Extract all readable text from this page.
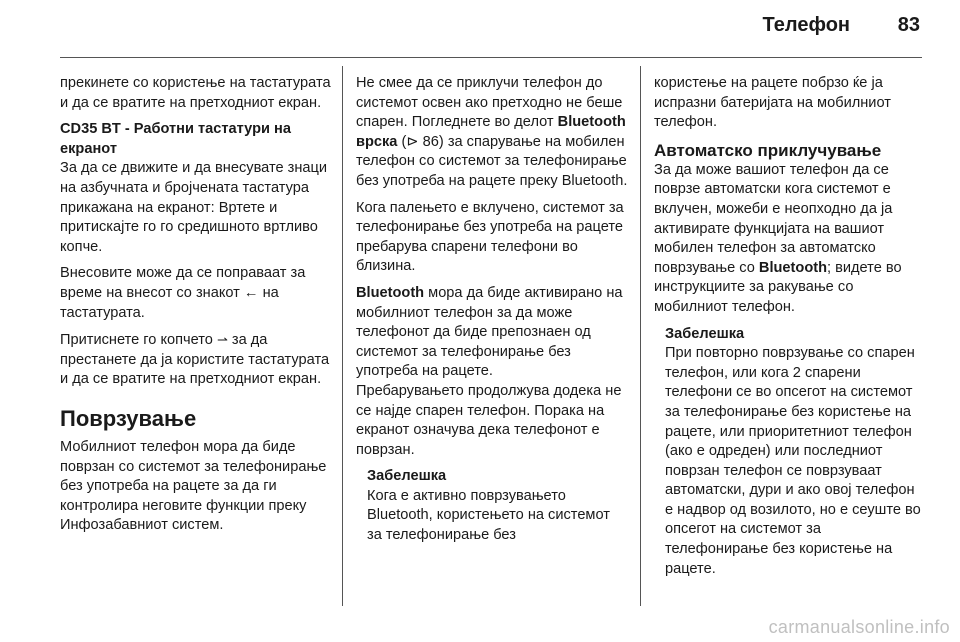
Телефон 83

прекинете со користење на тастатурата и да се вратите на претходниот екран.

CD35 BT - Работни тастатури на екранот

За да се движите и да внесувате знаци на азбучната и бројчената тастатура прикажана на екранот: Вртете и притискајте го го средишното вртливо копче.

Внесовите може да се поправаат за време на внесот со знакот ← на тастатурата.

Притиснете го копчето ⇀ за да престанете да ја користите тастатурата и да се вратите на претходниот екран.

Поврзување

Мобилниот телефон мора да биде поврзан со системот за телефонирање без употреба на рацете за да ги контролира неговите функции преку Инфозабавниот систем.

Не смее да се приклучи телефон до системот освен ако претходно не беше спарен. Погледнете во делот Bluetooth врска (⊳ 86) за спарување на мобилен телефон со системот за телефонирање без употреба на рацете преку Bluetooth.

Кога палењето е вклучено, системот за телефонирање без употреба на рацете пребарува спарени телефони во близина.

Bluetooth мора да биде активирано на мобилниот телефон за да може телефонот да биде препознаен од системот за телефонирање без употреба на рацете.

Пребарувањето продолжува додека не се најде спарен телефон. Порака на екранот означува дека телефонот е поврзан.

Забелешка

Кога е активно поврзувањето Bluetooth, користењето на системот за телефонирање без

користење на рацете побрзо ќе ја испразни батеријата на мобилниот телефон.

Автоматско приклучување

За да може вашиот телефон да се поврзе автоматски кога системот е вклучен, можеби е неопходно да ја активирате функцијата на вашиот мобилен телефон за автоматско поврзување со Bluetooth; видете во инструкциите за ракување со мобилниот телефон.

Забелешка

При повторно поврзување со спарен телефон, или кога 2 спарени телефони се во опсегот на системот за телефонирање без користење на рацете, или приоритетниот телефон (ако е одреден) или последниот поврзан телефон се поврзуваат автоматски, дури и ако овој телефон е надвор од возилото, но е сеуште во опсегот на системот за телефонирање без користење на рацете.

carmanualsonline.info
